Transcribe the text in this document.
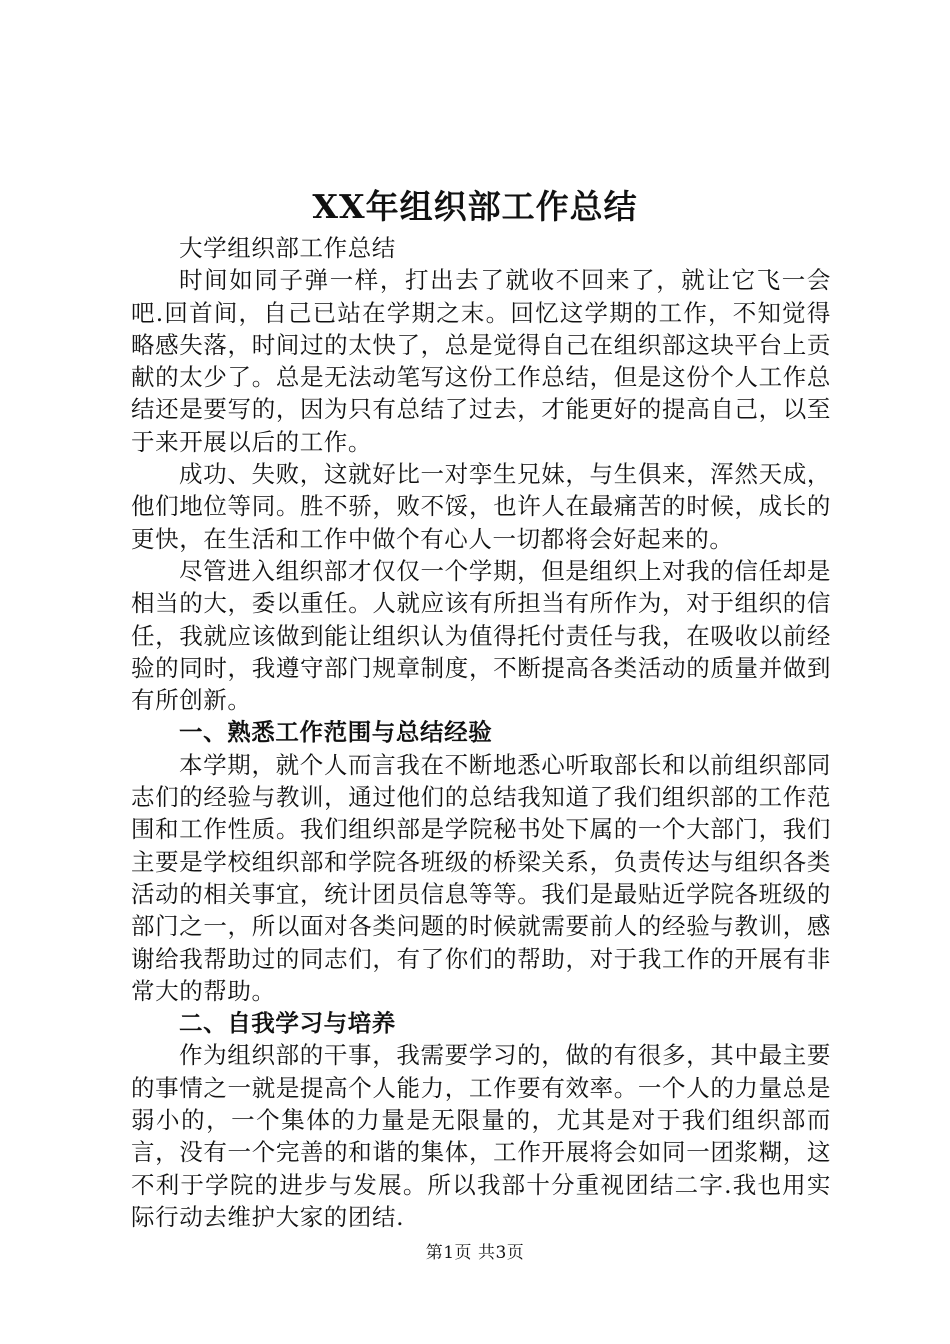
XX年组织部工作总结

大学组织部工作总结

时间如同子弹一样，打出去了就收不回来了，就让它飞一会吧.回首间，自己已站在学期之末。回忆这学期的工作，不知觉得略感失落，时间过的太快了，总是觉得自己在组织部这块平台上贡献的太少了。总是无法动笔写这份工作总结，但是这份个人工作总结还是要写的，因为只有总结了过去，才能更好的提高自己，以至于来开展以后的工作。

成功、失败，这就好比一对孪生兄妹，与生俱来，浑然天成，他们地位等同。胜不骄，败不馁，也许人在最痛苦的时候，成长的更快，在生活和工作中做个有心人一切都将会好起来的。

尽管进入组织部才仅仅一个学期，但是组织上对我的信任却是相当的大，委以重任。人就应该有所担当有所作为，对于组织的信任，我就应该做到能让组织认为值得托付责任与我，在吸收以前经验的同时，我遵守部门规章制度，不断提高各类活动的质量并做到有所创新。

一、熟悉工作范围与总结经验

本学期，就个人而言我在不断地悉心听取部长和以前组织部同志们的经验与教训，通过他们的总结我知道了我们组织部的工作范围和工作性质。我们组织部是学院秘书处下属的一个大部门，我们主要是学校组织部和学院各班级的桥梁关系，负责传达与组织各类活动的相关事宜，统计团员信息等等。我们是最贴近学院各班级的部门之一，所以面对各类问题的时候就需要前人的经验与教训，感谢给我帮助过的同志们，有了你们的帮助，对于我工作的开展有非常大的帮助。

二、自我学习与培养

作为组织部的干事，我需要学习的，做的有很多，其中最主要的事情之一就是提高个人能力，工作要有效率。一个人的力量总是弱小的，一个集体的力量是无限量的，尤其是对于我们组织部而言，没有一个完善的和谐的集体，工作开展将会如同一团浆糊，这不利于学院的进步与发展。所以我部十分重视团结二字.我也用实际行动去维护大家的团结.

第1页 共3页
